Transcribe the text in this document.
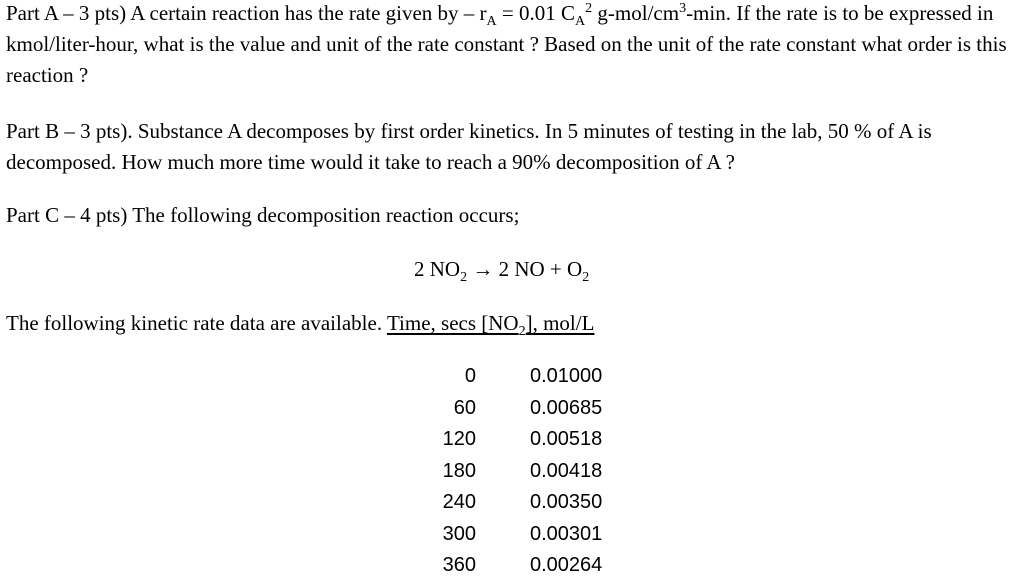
Part A – 3 pts) A certain reaction has the rate given by – $r_A = 0.01$ $C_A^2$ $g-mol/cm^3-\min$. If the rate is to be expressed in kmol/liter-hour, what is the value and unit of the rate constant ? Based on the unit of the rate constant what order is this reaction ?

Part B – 3 pts). Substance A decomposes by first order kinetics. In 5 minutes of testing in the lab, 50 % of A is decomposed. How much more time would it take to reach a 90% decomposition of A ?

Part C – 4 pts) The following decomposition reaction occurs;

2 $NO_2 \to 2$ NO + $O_2$
The following kinetic rate data are available. Time, secs $[NO_2]$, mol/L
0	0.01000
60	0.00685
120	0.00518
180	0.00418
240	0.00350
300	0.00301
360	0.00264
